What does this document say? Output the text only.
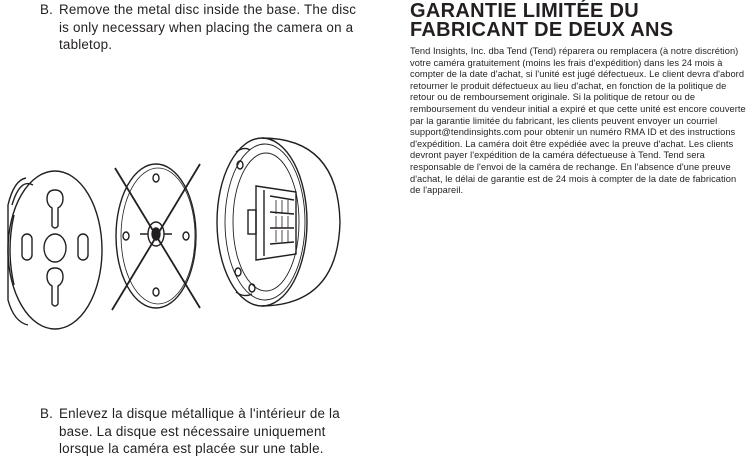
B. Remove the metal disc inside the base. The disc is only necessary when placing the camera on a tabletop.
B. Enlevez la disque métallique à l'intérieur de la base. La disque est nécessaire uniquement lorsque la caméra est placée sur une table.
GARANTIE LIMITÉE DU
FABRICANT DE DEUX ANS

Tend Insights, Inc. dba Tend (Tend) réparera ou remplacera (à notre discrétion) votre caméra gratuitement (moins les frais d'expédition) dans les 24 mois à compter de la date d'achat, si l'unité est jugé défectueux. Le client devra d'abord retourner le produit défectueux au lieu d'achat, en fonction de la politique de retour ou de remboursement originale. Si la politique de retour ou de remboursement du vendeur initial a expiré et que cette unité est encore couverte par la garantie limitée du fabricant, les clients peuvent envoyer un courriel support@tendinsights.com pour obtenir un numéro RMA ID et des instructions d'expédition. La caméra doit être expédiée avec la preuve d'achat. Les clients devront payer l'expédition de la caméra défectueuse à Tend. Tend sera responsable de l'envoi de la caméra de rechange. En l'absence d'une preuve d'achat, le délai de garantie est de 24 mois à compter de la date de fabrication de l'appareil.
